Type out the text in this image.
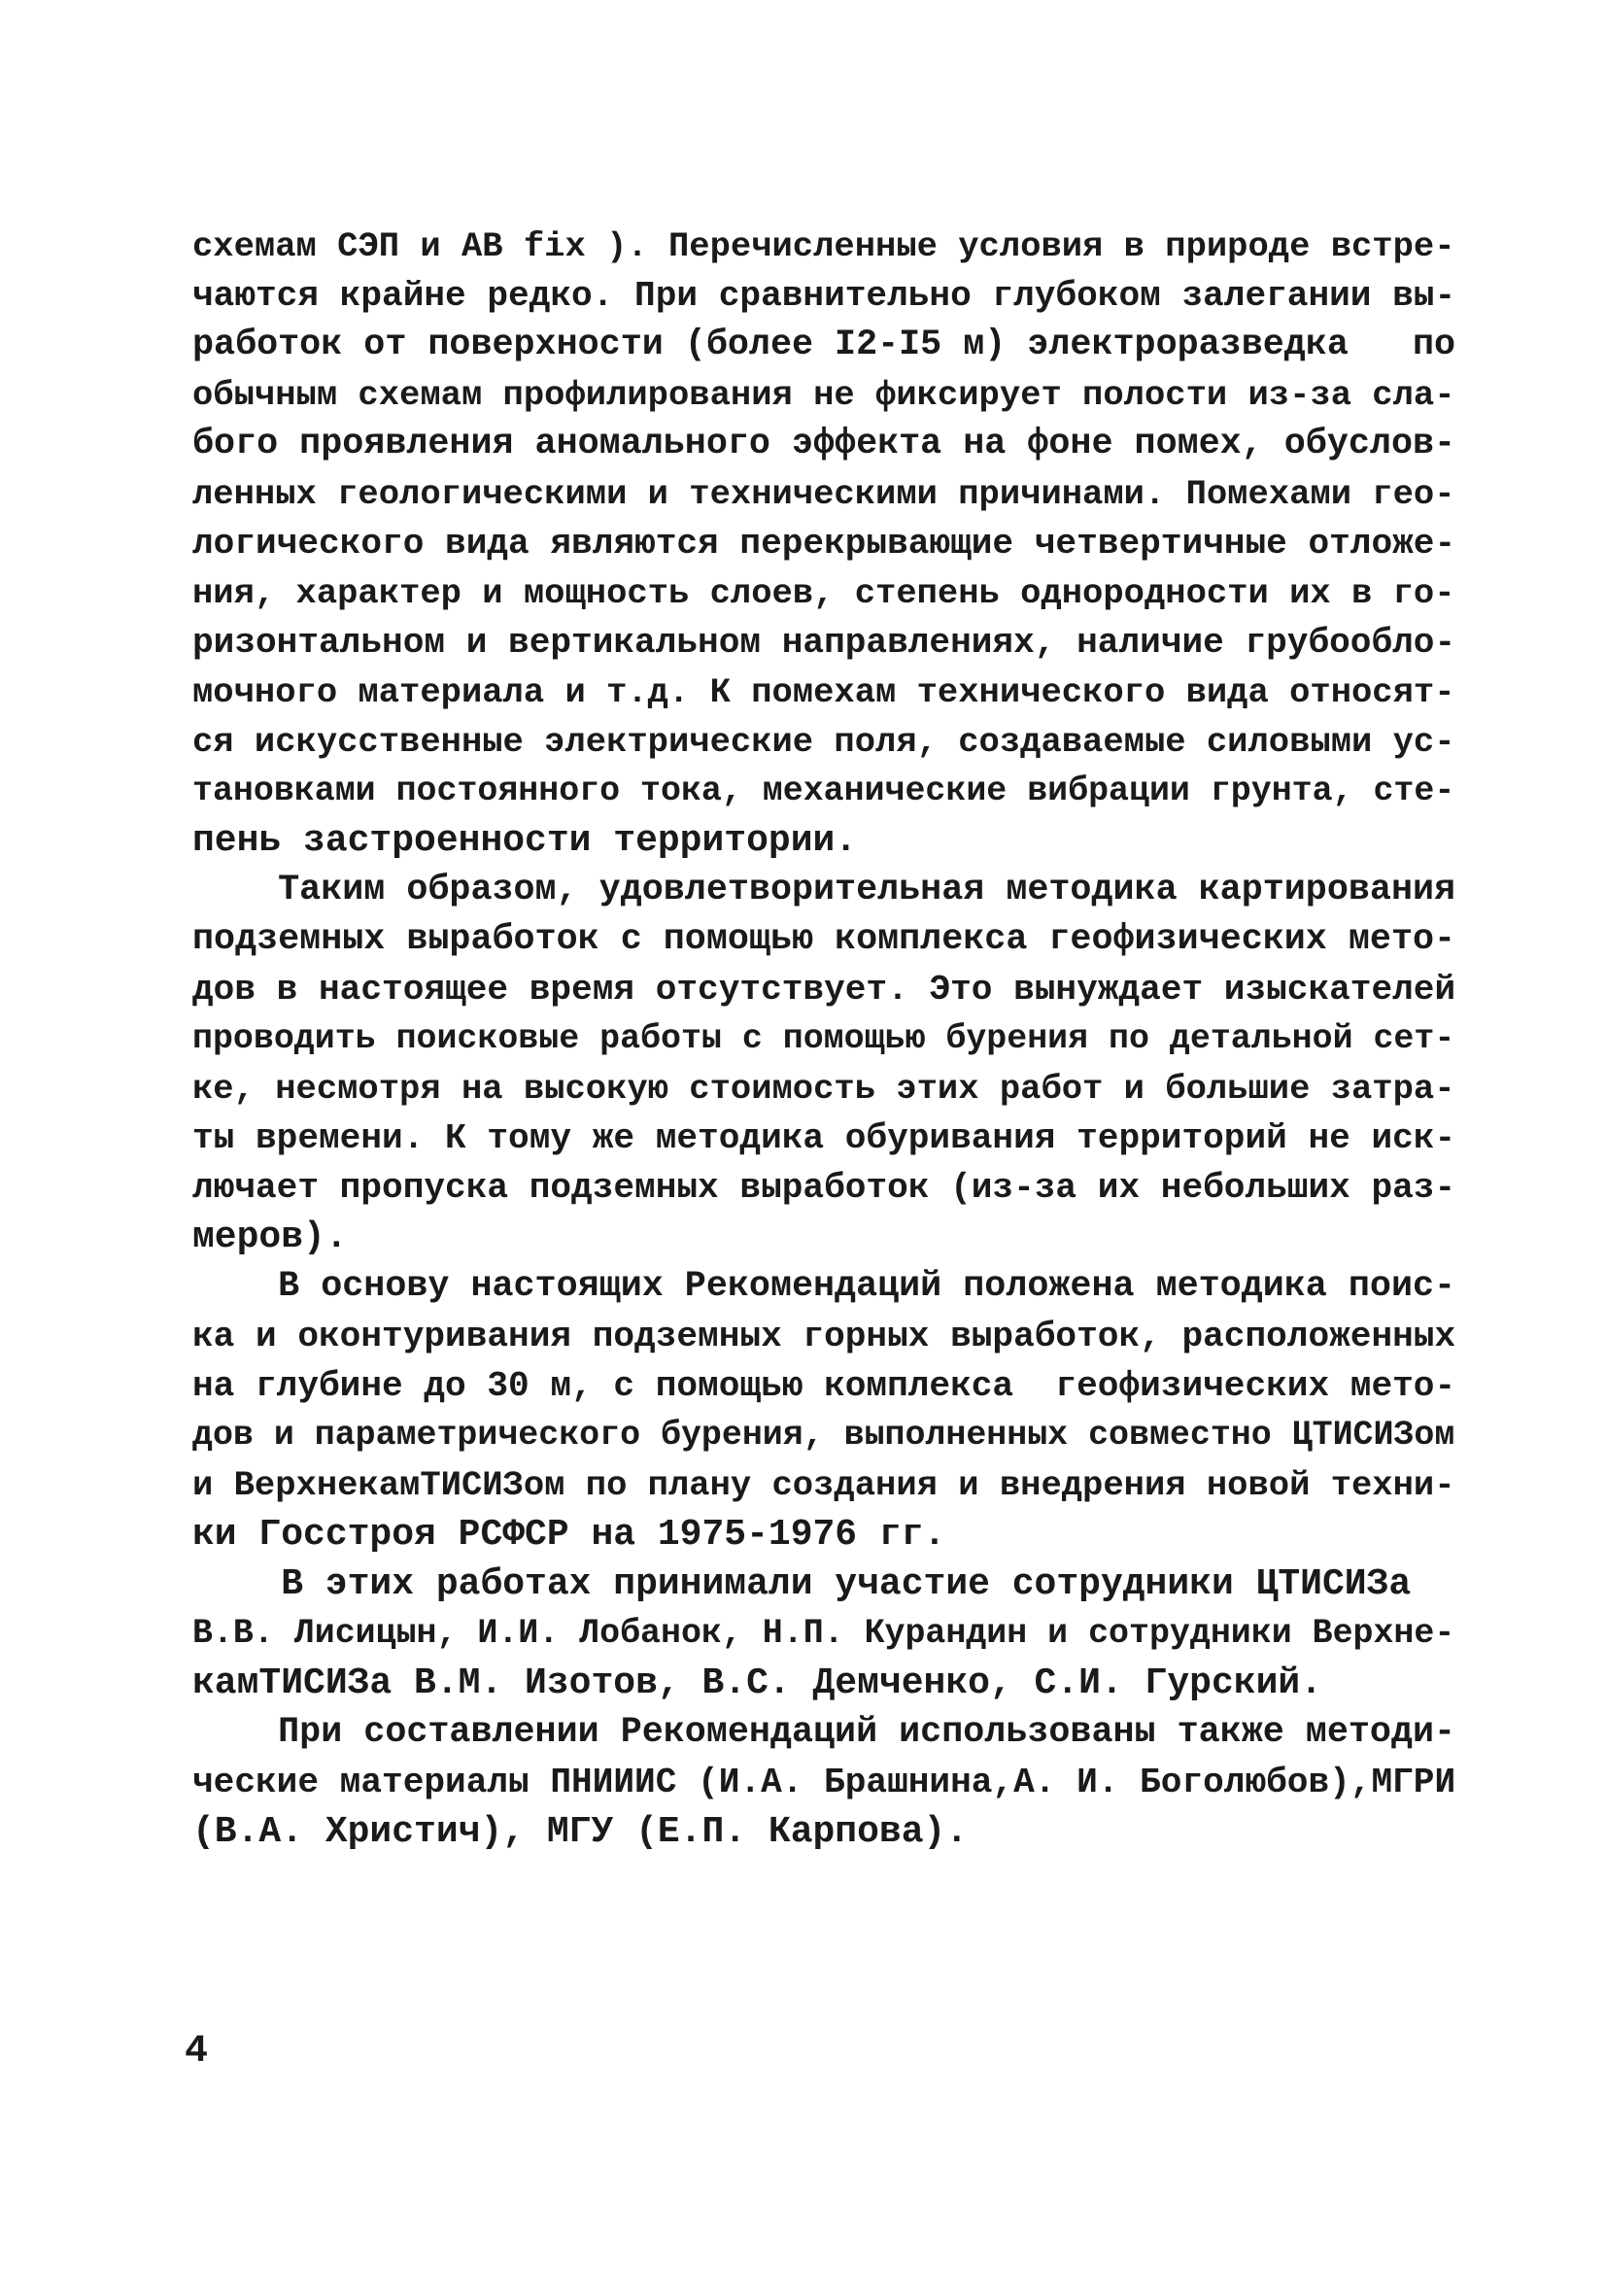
схемам СЭП и АВ fix ). Перечисленные условия в природе встре-
чаются крайне редко. При сравнительно глубоком залегании вы-
работок от поверхности (более I2-I5 м) электроразведка   по
обычным схемам профилирования не фиксирует полости из-за сла-
бого проявления аномального эффекта на фоне помех, обуслов-
ленных геологическими и техническими причинами. Помехами гео-
логического вида являются перекрывающие четвертичные отложе-
ния, характер и мощность слоев, степень однородности их в го-
ризонтальном и вертикальном направлениях, наличие грубообло-
мочного материала и т.д. К помехам технического вида относят-
ся искусственные электрические поля, создаваемые силовыми ус-
тановками постоянного тока, механические вибрации грунта, сте-
пень застроенности территории.
Таким образом, удовлетворительная методика картирования
подземных выработок с помощью комплекса геофизических мето-
дов в настоящее время отсутствует. Это вынуждает изыскателей
проводить поисковые работы с помощью бурения по детальной сет-
ке, несмотря на высокую стоимость этих работ и большие затра-
ты времени. К тому же методика обуривания территорий не иск-
лючает пропуска подземных выработок (из-за их небольших раз-
меров).
В основу настоящих Рекомендаций положена методика поис-
ка и оконтуривания подземных горных выработок, расположенных
на глубине до 30 м, с помощью комплекса  геофизических мето-
дов и параметрического бурения, выполненных совместно ЦТИСИЗом
и ВерхнекамТИСИЗом по плану создания и внедрения новой техни-
ки Госстроя РСФСР на 1975-1976 гг.
В этих работах принимали участие сотрудники ЦТИСИЗа
В.В. Лисицын, И.И. Лобанок, Н.П. Курандин и сотрудники Верхне-
камТИСИЗа В.М. Изотов, В.С. Демченко, С.И. Гурский.
При составлении Рекомендаций использованы также методи-
ческие материалы ПНИИИС (И.А. Брашнина,А. И. Боголюбов),МГРИ
(В.А. Христич), МГУ (Е.П. Карпова).
4
